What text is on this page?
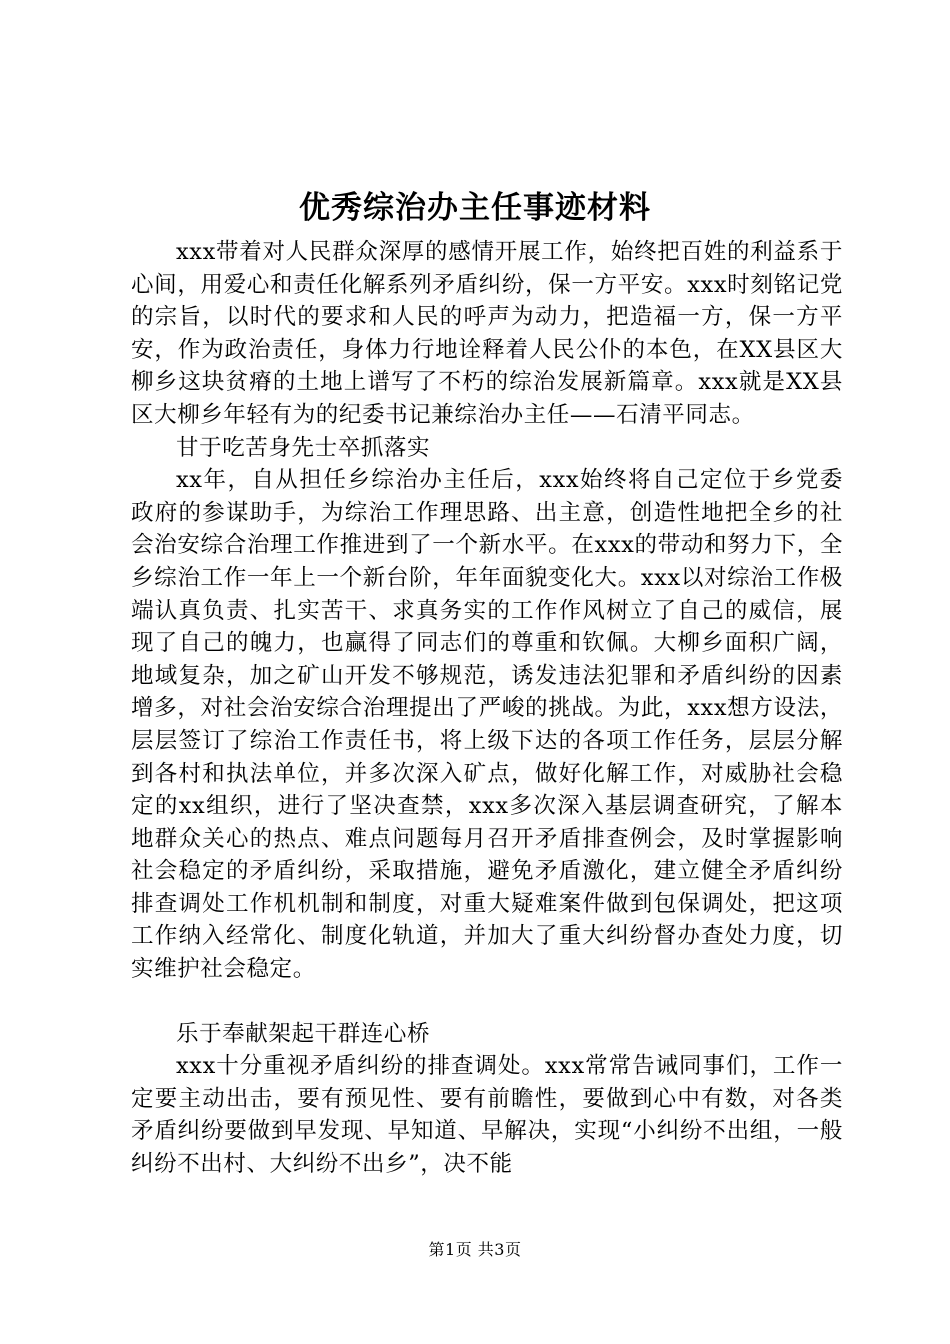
优秀综治办主任事迹材料

xxx带着对人民群众深厚的感情开展工作，始终把百姓的利益系于心间，用爱心和责任化解系列矛盾纠纷，保一方平安。xxx时刻铭记党的宗旨，以时代的要求和人民的呼声为动力，把造福一方，保一方平安，作为政治责任，身体力行地诠释着人民公仆的本色，在XX县区大柳乡这块贫瘠的土地上谱写了不朽的综治发展新篇章。xxx就是XX县区大柳乡年轻有为的纪委书记兼综治办主任——石清平同志。

甘于吃苦身先士卒抓落实

xx年，自从担任乡综治办主任后，xxx始终将自己定位于乡党委政府的参谋助手，为综治工作理思路、出主意，创造性地把全乡的社会治安综合治理工作推进到了一个新水平。在xxx的带动和努力下，全乡综治工作一年上一个新台阶，年年面貌变化大。xxx以对综治工作极端认真负责、扎实苦干、求真务实的工作作风树立了自己的威信，展现了自己的魄力，也赢得了同志们的尊重和钦佩。大柳乡面积广阔，地域复杂，加之矿山开发不够规范，诱发违法犯罪和矛盾纠纷的因素增多，对社会治安综合治理提出了严峻的挑战。为此，xxx想方设法，层层签订了综治工作责任书，将上级下达的各项工作任务，层层分解到各村和执法单位，并多次深入矿点，做好化解工作，对威胁社会稳定的xx组织，进行了坚决查禁，xxx多次深入基层调查研究，了解本地群众关心的热点、难点问题每月召开矛盾排查例会，及时掌握影响社会稳定的矛盾纠纷，采取措施，避免矛盾激化，建立健全矛盾纠纷排查调处工作机机制和制度，对重大疑难案件做到包保调处，把这项工作纳入经常化、制度化轨道，并加大了重大纠纷督办查处力度，切实维护社会稳定。

乐于奉献架起干群连心桥

xxx十分重视矛盾纠纷的排查调处。xxx常常告诫同事们，工作一定要主动出击，要有预见性、要有前瞻性，要做到心中有数，对各类矛盾纠纷要做到早发现、早知道、早解决，实现“小纠纷不出组，一般纠纷不出村、大纠纷不出乡”，决不能

第1页 共3页
